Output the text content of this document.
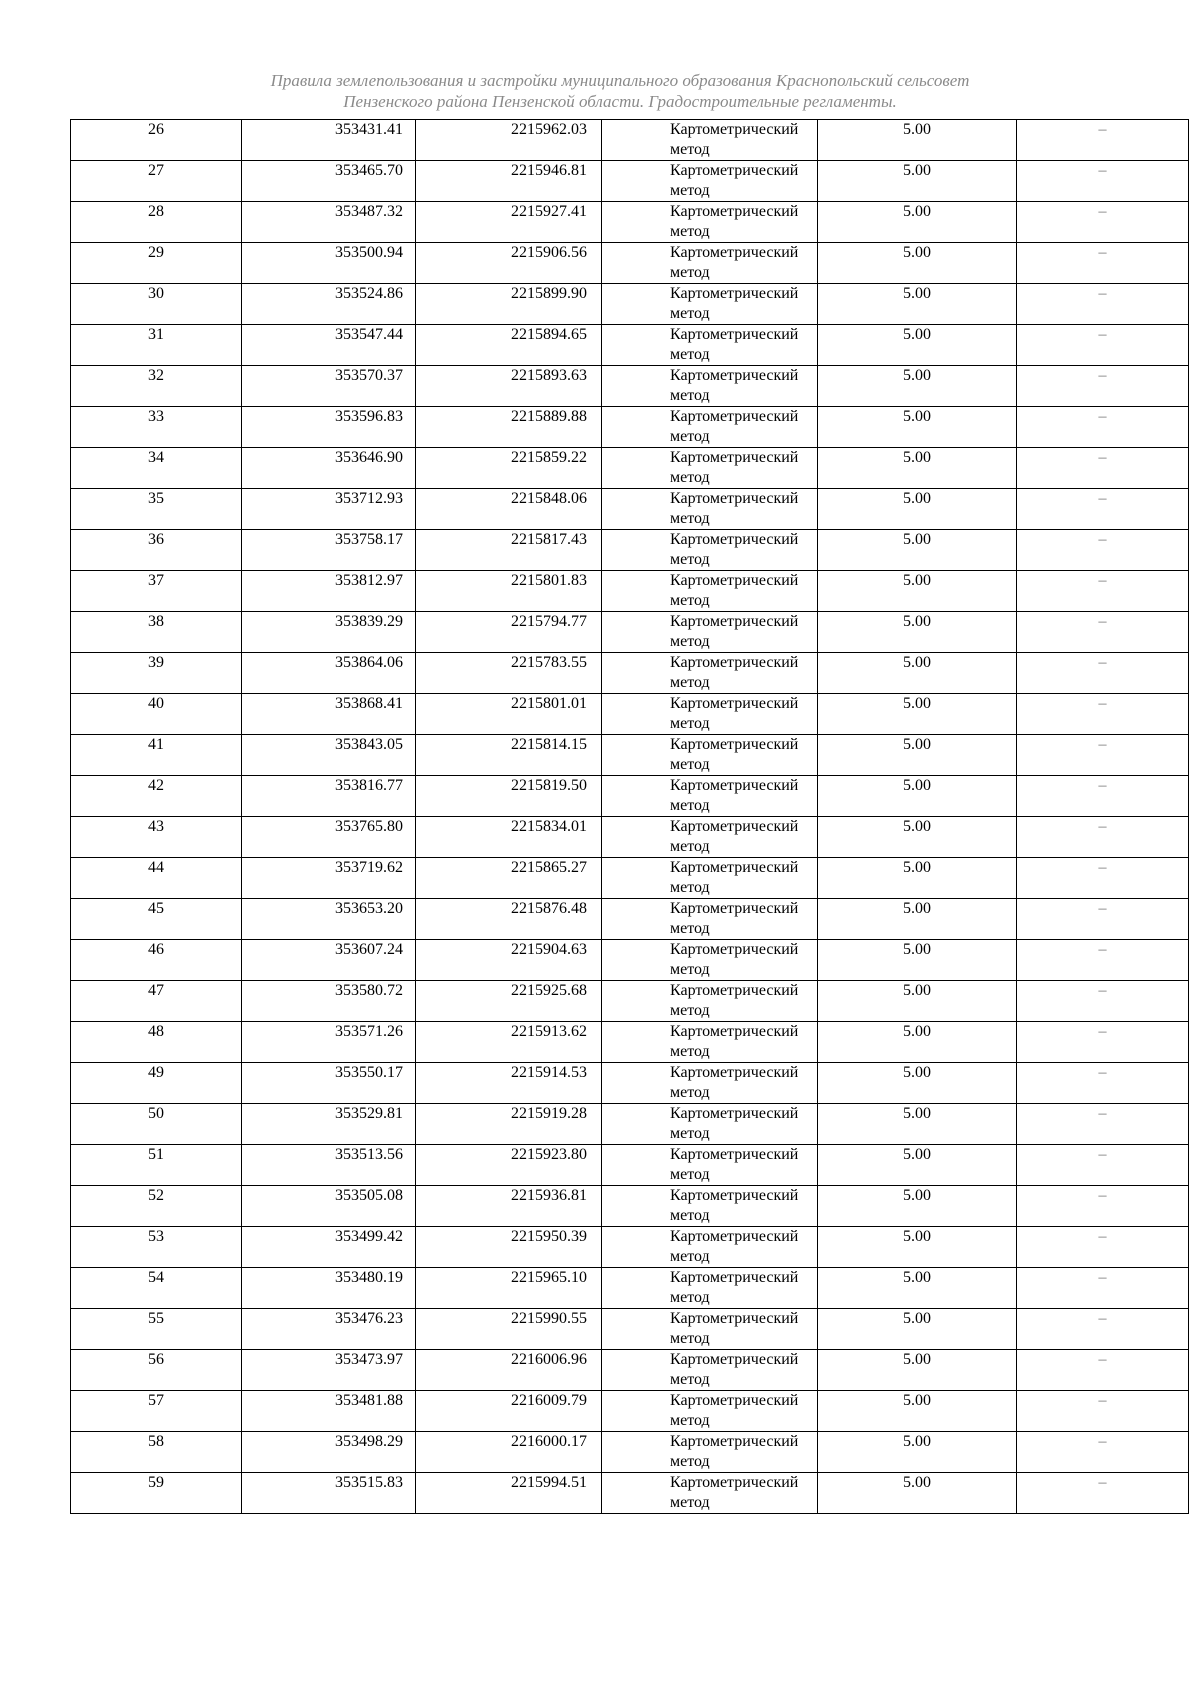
Правила землепользования и застройки муниципального образования Краснопольский сельсовет
Пензенского района Пензенской области. Градостроительные регламенты.
26	353431.41	2215962.03	Картометрический метод	5.00	–
27	353465.70	2215946.81	Картометрический метод	5.00	–
28	353487.32	2215927.41	Картометрический метод	5.00	–
29	353500.94	2215906.56	Картометрический метод	5.00	–
30	353524.86	2215899.90	Картометрический метод	5.00	–
31	353547.44	2215894.65	Картометрический метод	5.00	–
32	353570.37	2215893.63	Картометрический метод	5.00	–
33	353596.83	2215889.88	Картометрический метод	5.00	–
34	353646.90	2215859.22	Картометрический метод	5.00	–
35	353712.93	2215848.06	Картометрический метод	5.00	–
36	353758.17	2215817.43	Картометрический метод	5.00	–
37	353812.97	2215801.83	Картометрический метод	5.00	–
38	353839.29	2215794.77	Картометрический метод	5.00	–
39	353864.06	2215783.55	Картометрический метод	5.00	–
40	353868.41	2215801.01	Картометрический метод	5.00	–
41	353843.05	2215814.15	Картометрический метод	5.00	–
42	353816.77	2215819.50	Картометрический метод	5.00	–
43	353765.80	2215834.01	Картометрический метод	5.00	–
44	353719.62	2215865.27	Картометрический метод	5.00	–
45	353653.20	2215876.48	Картометрический метод	5.00	–
46	353607.24	2215904.63	Картометрический метод	5.00	–
47	353580.72	2215925.68	Картометрический метод	5.00	–
48	353571.26	2215913.62	Картометрический метод	5.00	–
49	353550.17	2215914.53	Картометрический метод	5.00	–
50	353529.81	2215919.28	Картометрический метод	5.00	–
51	353513.56	2215923.80	Картометрический метод	5.00	–
52	353505.08	2215936.81	Картометрический метод	5.00	–
53	353499.42	2215950.39	Картометрический метод	5.00	–
54	353480.19	2215965.10	Картометрический метод	5.00	–
55	353476.23	2215990.55	Картометрический метод	5.00	–
56	353473.97	2216006.96	Картометрический метод	5.00	–
57	353481.88	2216009.79	Картометрический метод	5.00	–
58	353498.29	2216000.17	Картометрический метод	5.00	–
59	353515.83	2215994.51	Картометрический метод	5.00	–
